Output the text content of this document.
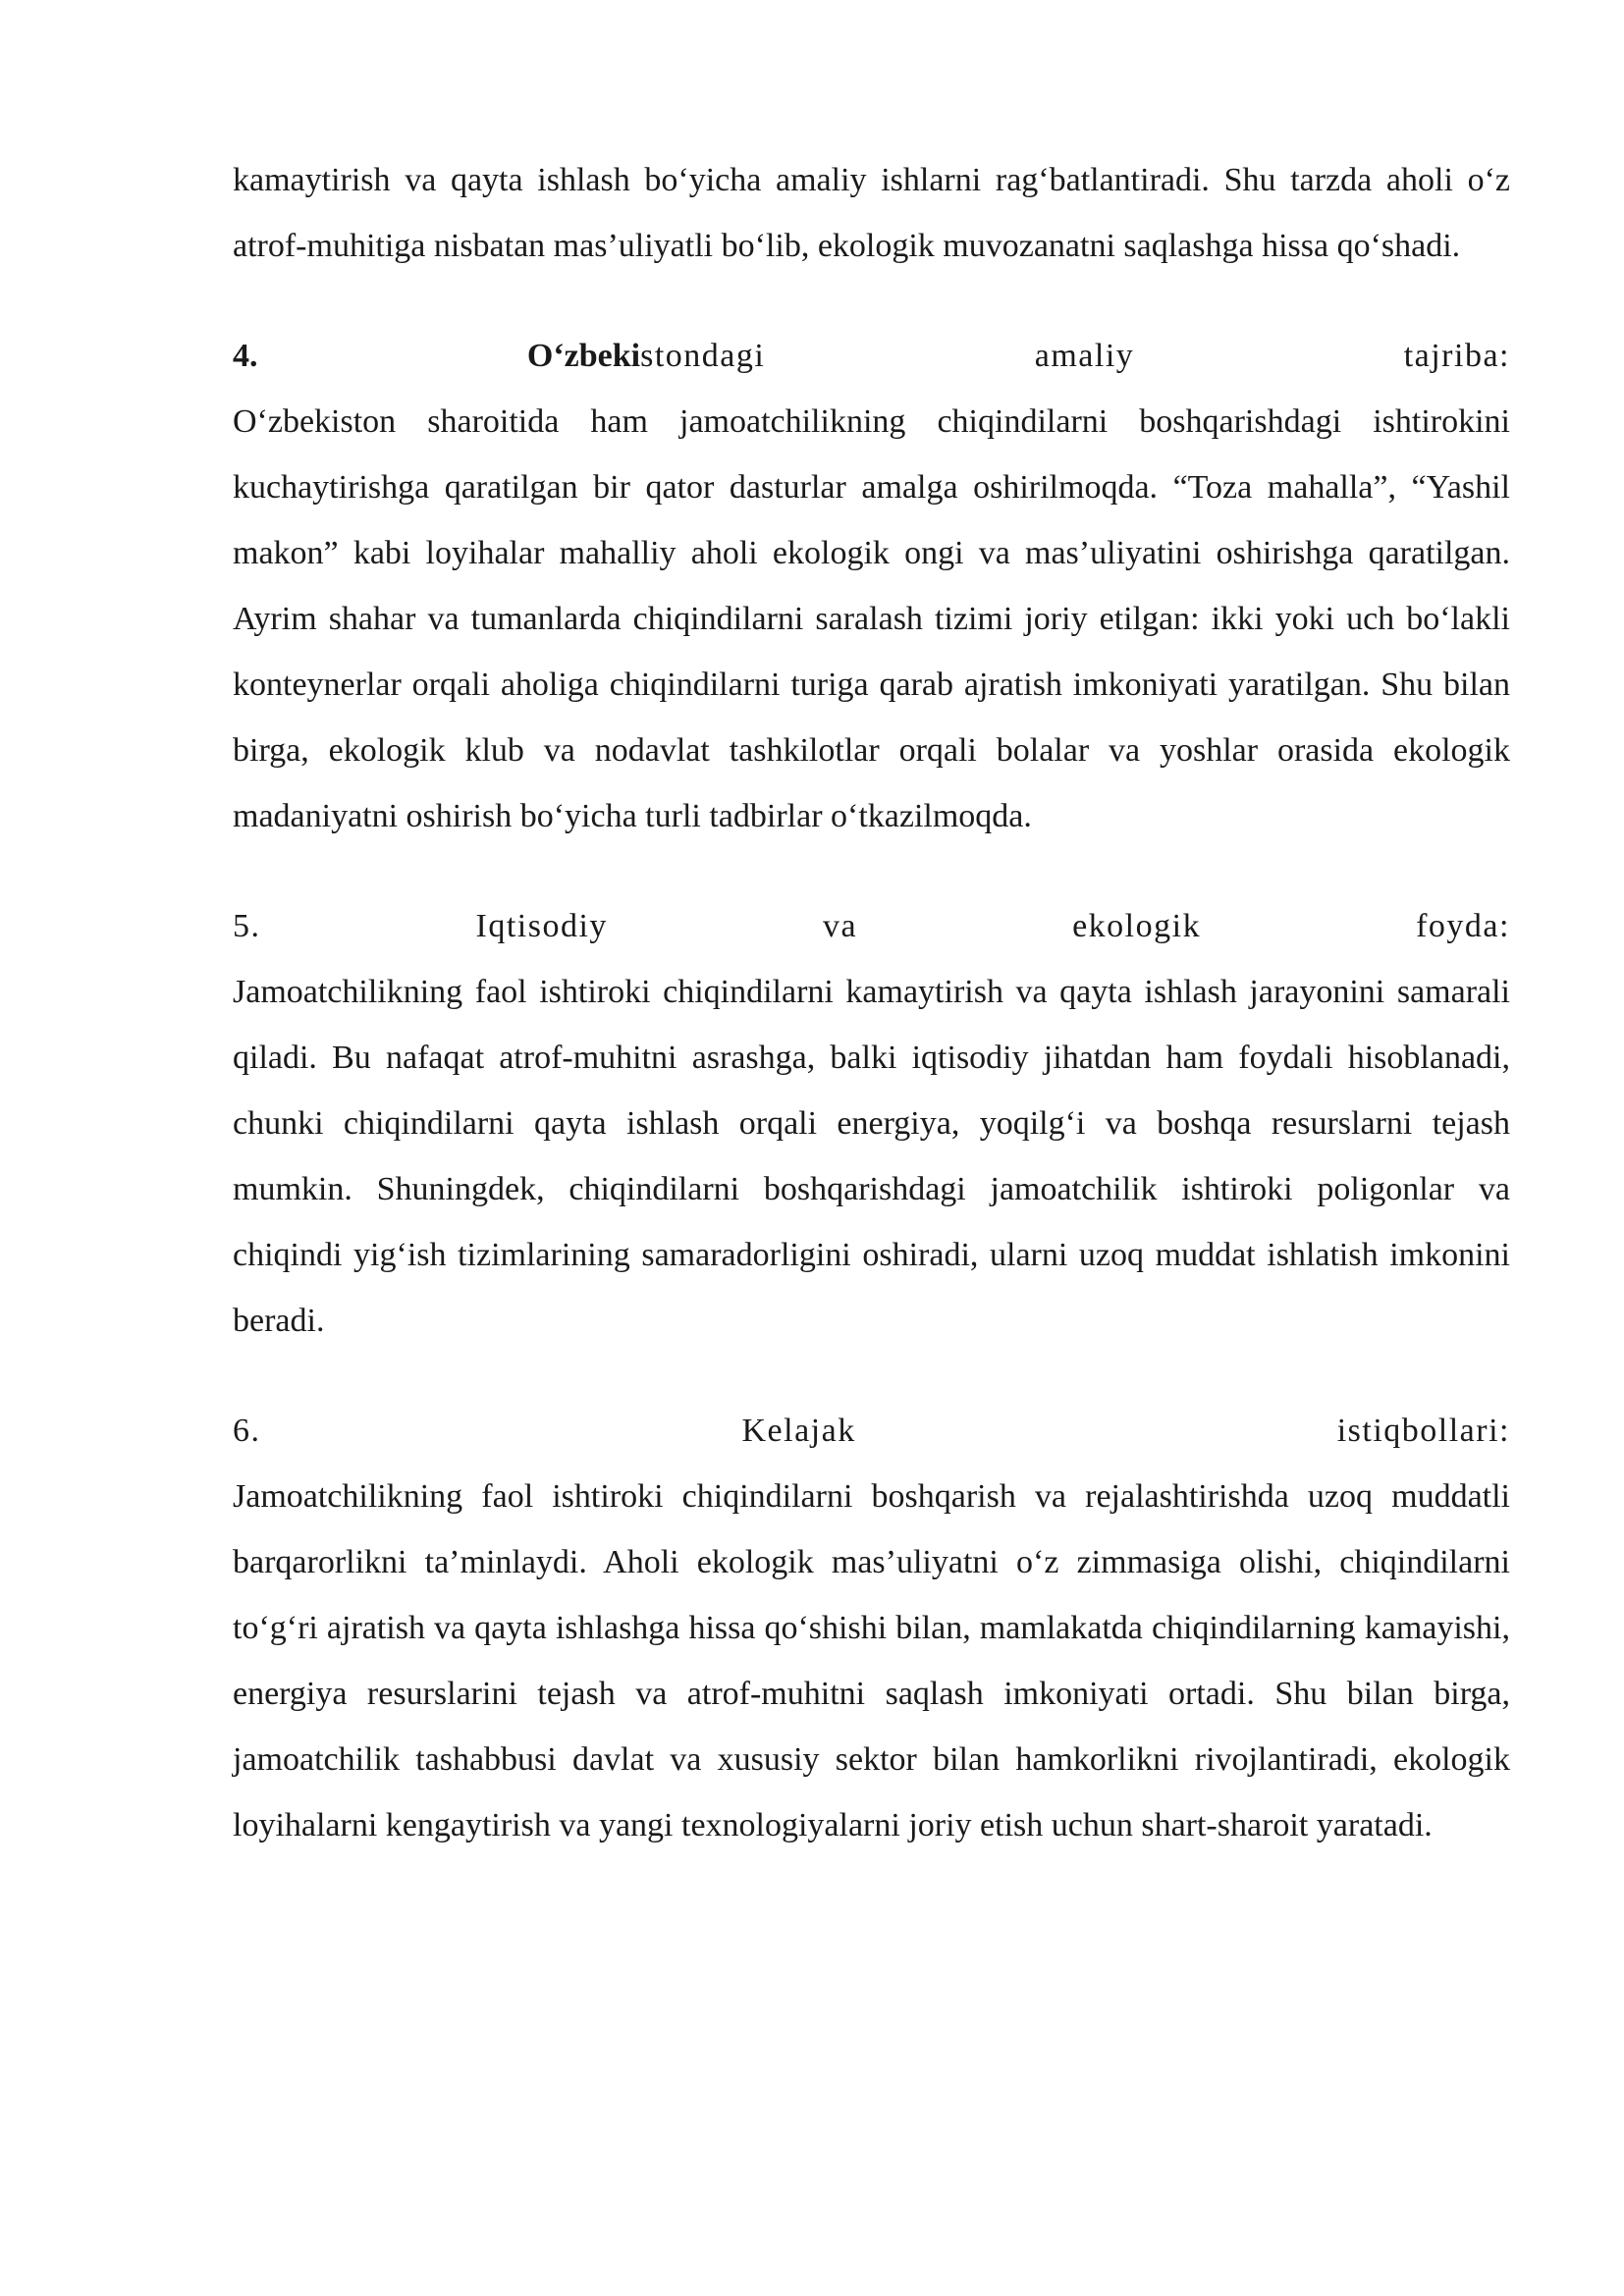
kamaytirish va qayta ishlash bo‘yicha amaliy ishlarni rag‘batlantiradi. Shu tarzda aholi o‘z atrof-muhitiga nisbatan mas’uliyatli bo‘lib, ekologik muvozanatni saqlashga hissa qo‘shadi.

4.	O‘zbekistondagi	amaliy	tajriba:

O‘zbekiston sharoitida ham jamoatchilikning chiqindilarni boshqarishdagi ishtirokini kuchaytirishga qaratilgan bir qator dasturlar amalga oshirilmoqda. “Toza mahalla”, “Yashil makon” kabi loyihalar mahalliy aholi ekologik ongi va mas’uliyatini oshirishga qaratilgan. Ayrim shahar va tumanlarda chiqindilarni saralash tizimi joriy etilgan: ikki yoki uch bo‘lakli konteynerlar orqali aholiga chiqindilarni turiga qarab ajratish imkoniyati yaratilgan. Shu bilan birga, ekologik klub va nodavlat tashkilotlar orqali bolalar va yoshlar orasida ekologik madaniyatni oshirish bo‘yicha turli tadbirlar o‘tkazilmoqda.

5.	Iqtisodiy	va	ekologik	foyda:

Jamoatchilikning faol ishtiroki chiqindilarni kamaytirish va qayta ishlash jarayonini samarali qiladi. Bu nafaqat atrof-muhitni asrashga, balki iqtisodiy jihatdan ham foydali hisoblanadi, chunki chiqindilarni qayta ishlash orqali energiya, yoqilg‘i va boshqa resurslarni tejash mumkin. Shuningdek, chiqindilarni boshqarishdagi jamoatchilik ishtiroki poligonlar va chiqindi yig‘ish tizimlarining samaradorligini oshiradi, ularni uzoq muddat ishlatish imkonini beradi.

6.	Kelajak	istiqbollari:

Jamoatchilikning faol ishtiroki chiqindilarni boshqarish va rejalashtirishda uzoq muddatli barqarorlikni ta’minlaydi. Aholi ekologik mas’uliyatni o‘z zimmasiga olishi, chiqindilarni to‘g‘ri ajratish va qayta ishlashga hissa qo‘shishi bilan, mamlakatda chiqindilarning kamayishi, energiya resurslarini tejash va atrof-muhitni saqlash imkoniyati ortadi. Shu bilan birga, jamoatchilik tashabbusi davlat va xususiy sektor bilan hamkorlikni rivojlantiradi, ekologik loyihalarni kengaytirish va yangi texnologiyalarni joriy etish uchun shart-sharoit yaratadi.
